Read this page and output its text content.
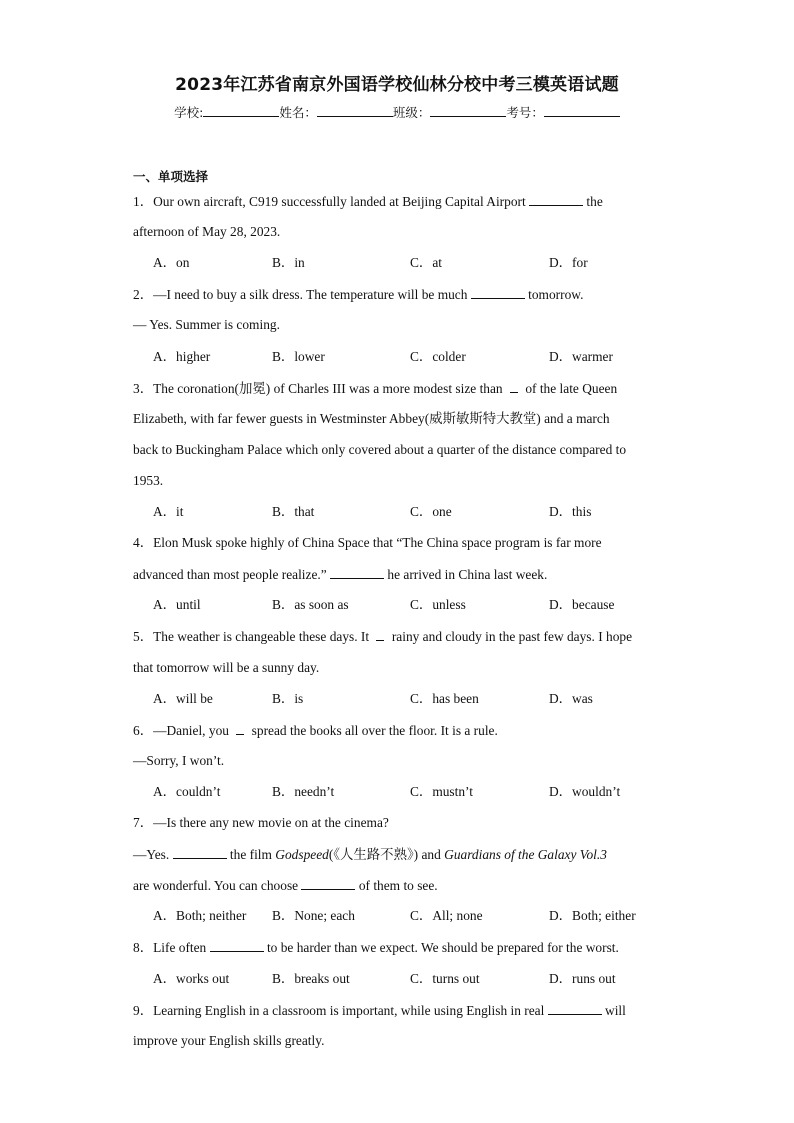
2023年江苏省南京外国语学校仙林分校中考三模英语试题
学校:	姓名：	班级：	考号：
一、单项选择
1．Our own aircraft, C919 successfully landed at Beijing Capital Airport	the
afternoon of May 28, 2023.
A．on	B．in	C．at	D．for
2．—I need to buy a silk dress. The temperature will be much	tomorrow.
— Yes. Summer is coming.
A．higher	B．lower	C．colder	D．warmer
3．The coronation(加冕) of Charles III was a more modest size than  of the late Queen
Elizabeth, with far fewer guests in Westminster Abbey(威斯敏斯特大教堂) and a march
back to Buckingham Palace which only covered about a quarter of the distance compared to
1953.
A．it	B．that	C．one	D．this
4．Elon Musk spoke highly of China Space that “The China space program is far more
advanced than most people realize.”	he arrived in China last week.
A．until	B．as soon as	C．unless	D．because
5．The weather is changeable these days. It  rainy and cloudy in the past few days. I hope
that tomorrow will be a sunny day.
A．will be	B．is	C．has been	D．was
6．—Daniel, you  spread the books all over the floor. It is a rule.
—Sorry, I won’t.
A．couldn’t	B．needn’t	C．mustn’t	D．wouldn’t
7．—Is there any new movie on at the cinema?
—Yes.	the film Godspeed(《人生路不熟》) and Guardians of the Galaxy Vol.3
are wonderful. You can choose	of them to see.
A．Both; neither B．None; each	C．All; none	D．Both; either
8．Life often	to be harder than we expect. We should be prepared for the worst.
A．works out	B．breaks out	C．turns out	D．runs out
9．Learning English in a classroom is important, while using English in real	will
improve your English skills greatly.
